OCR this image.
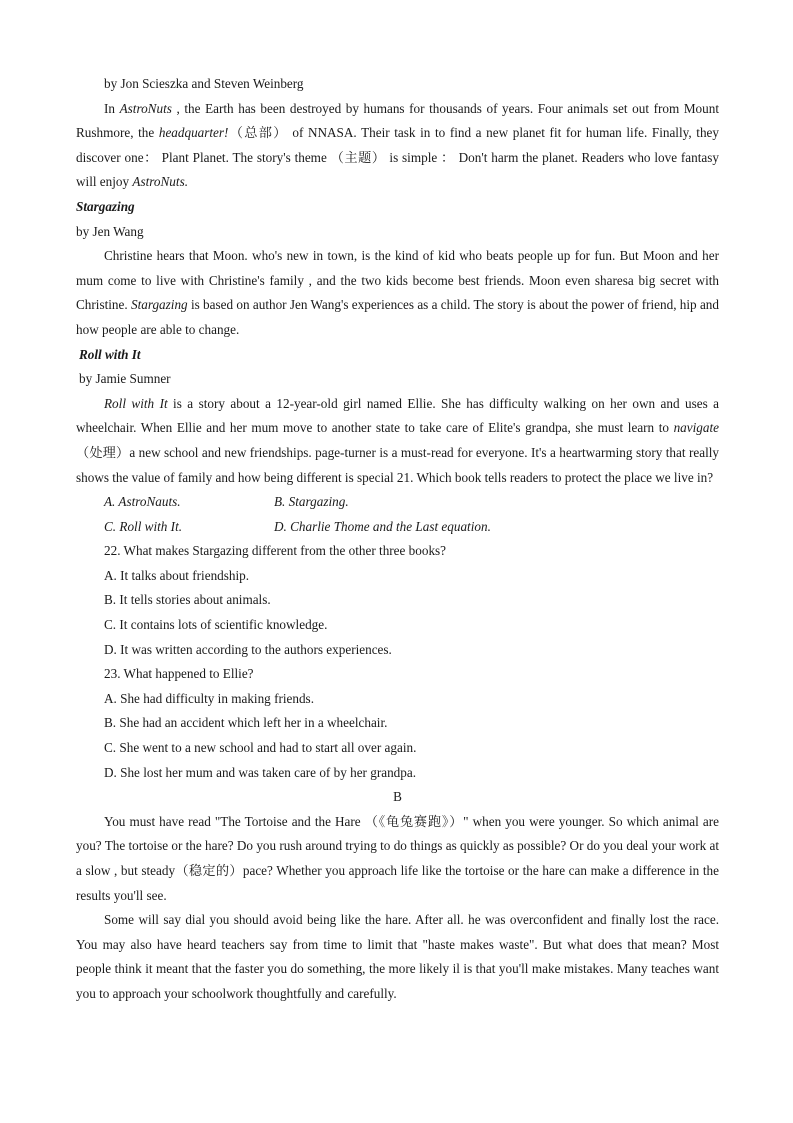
by Jon Scieszka and Steven Weinberg

In AstroNuts , the Earth has been destroyed by humans for thousands of years. Four animals set out from Mount Rushmore, the headquarter!（总部） of NNASA. Their task in to find a new planet fit for human life. Finally, they discover one： Plant Planet. The story's theme （主题） is simple ： Don't harm the planet. Readers who love fantasy will enjoy AstroNuts.

Stargazing
by Jen Wang

Christine hears that Moon. who's new in town, is the kind of kid who beats people up for fun. But Moon and her mum come to live with Christine's family , and the two kids become best friends. Moon even sharesa big secret with Christine. Stargazing is based on author Jen Wang's experiences as a child. The story is about the power of friend, hip and how people are able to change.

Roll with It
by Jamie Sumner

Roll with It is a story about a 12-year-old girl named Ellie. She has difficulty walking on her own and uses a wheelchair. When Ellie and her mum move to another state to take care of Elite's grandpa, she must learn to navigate（处理）a new school and new friendships. page-turner is a must-read for everyone. It's a heartwarming story that really shows the value of family and how being different is special 21. Which book tells readers to protect the place we live in?

A. AstroNauts.	B. Stargazing.
C. Roll with It.	D. Charlie Thome and the Last equation.
22. What makes Stargazing different from the other three books?
A. It talks about friendship.
B. It tells stories about animals.
C. It contains lots of scientific knowledge.
D. It was written according to the authors experiences.
23. What happened to Ellie?
A. She had difficulty in making friends.
B. She had an accident which left her in a wheelchair.
C. She went to a new school and had to start all over again.
D. She lost her mum and was taken care of by her grandpa.
B

You must have read "The Tortoise and the Hare （《龟兔赛跑》）" when you were younger. So which animal are you? The tortoise or the hare? Do you rush around trying to do things as quickly as possible? Or do you deal your work at a slow , but steady（稳定的）pace? Whether you approach life like the tortoise or the hare can make a difference in the results you'll see.

Some will say dial you should avoid being like the hare. After all. he was overconfident and finally lost the race. You may also have heard teachers say from time to limit that "haste makes waste". But what does that mean? Most people think it meant that the faster you do something, the more likely il is that you'll make mistakes. Many teaches want you to approach your schoolwork thoughtfully and carefully.
